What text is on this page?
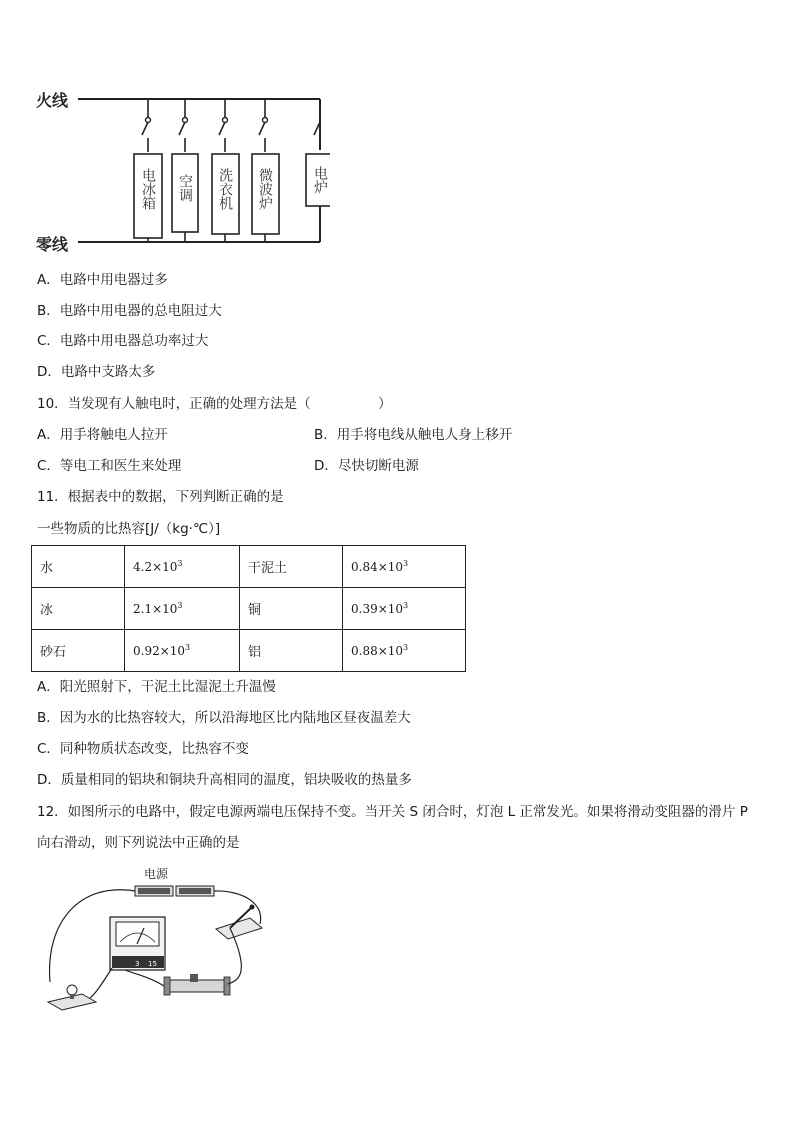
火线
零线
电冰箱 空调 洗衣机 微波炉	电炉
A．电路中用电器过多
B．电路中用电器的总电阻过大
C．电路中用电器总功率过大
D．电路中支路太多
10．当发现有人触电时，正确的处理方法是（　　　　　）
A．用手将触电人拉开	B．用手将电线从触电人身上移开
C．等电工和医生来处理	D．尽快切断电源
11．根据表中的数据，下列判断正确的是
一些物质的比热容[J/（kg·℃）]
水	$4.2\times 10^3$	干泥土	$0.84\times 10^3$
冰	$2.1\times 10^3$	铜	$0.39\times 10^3$
砂石	$0.92\times 10^3$	铝	$0.88\times 10^3$
A．阳光照射下，干泥土比湿泥土升温慢
B．因为水的比热容较大，所以沿海地区比内陆地区昼夜温差大
C．同种物质状态改变，比热容不变
D．质量相同的铝块和铜块升高相同的温度，铝块吸收的热量多
12．如图所示的电路中，假定电源两端电压保持不变。当开关 S 闭合时，灯泡 L 正常发光。如果将滑动变阻器的滑片 P
向右滑动，则下列说法中正确的是
电源
3 15
